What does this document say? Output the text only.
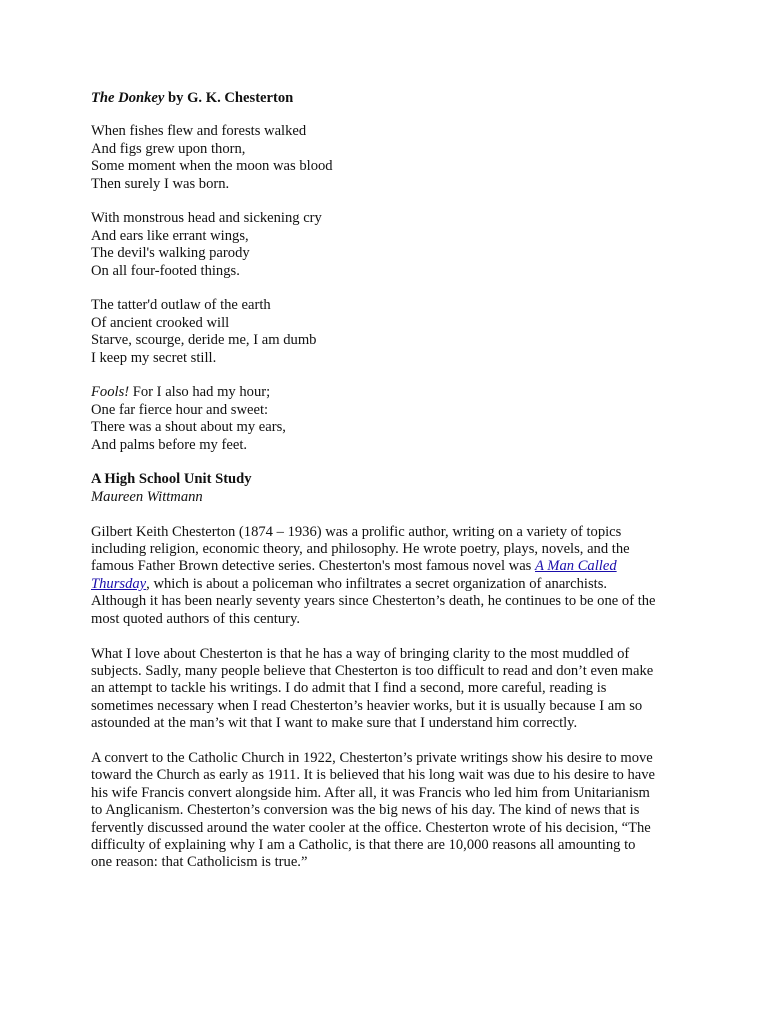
The Donkey by G. K. Chesterton

When fishes flew and forests walked
And figs grew upon thorn,
Some moment when the moon was blood
Then surely I was born.
With monstrous head and sickening cry
And ears like errant wings,
The devil's walking parody
On all four-footed things.
The tatter'd outlaw of the earth
Of ancient crooked will
Starve, scourge, deride me, I am dumb
I keep my secret still.
Fools! For I also had my hour;
One far fierce hour and sweet:
There was a shout about my ears,
And palms before my feet.

A High School Unit Study

Maureen Wittmann

Gilbert Keith Chesterton (1874 – 1936) was a prolific author, writing on a variety of topics
including religion, economic theory, and philosophy. He wrote poetry, plays, novels, and the
famous Father Brown detective series. Chesterton's most famous novel was A Man Called
Thursday, which is about a policeman who infiltrates a secret organization of anarchists.
Although it has been nearly seventy years since Chesterton’s death, he continues to be one of the
most quoted authors of this century.
What I love about Chesterton is that he has a way of bringing clarity to the most muddled of
subjects. Sadly, many people believe that Chesterton is too difficult to read and don’t even make
an attempt to tackle his writings. I do admit that I find a second, more careful, reading is
sometimes necessary when I read Chesterton’s heavier works, but it is usually because I am so
astounded at the man’s wit that I want to make sure that I understand him correctly.
A convert to the Catholic Church in 1922, Chesterton’s private writings show his desire to move
toward the Church as early as 1911. It is believed that his long wait was due to his desire to have
his wife Francis convert alongside him. After all, it was Francis who led him from Unitarianism
to Anglicanism. Chesterton’s conversion was the big news of his day. The kind of news that is
fervently discussed around the water cooler at the office. Chesterton wrote of his decision, “The
difficulty of explaining why I am a Catholic, is that there are 10,000 reasons all amounting to
one reason: that Catholicism is true.”
